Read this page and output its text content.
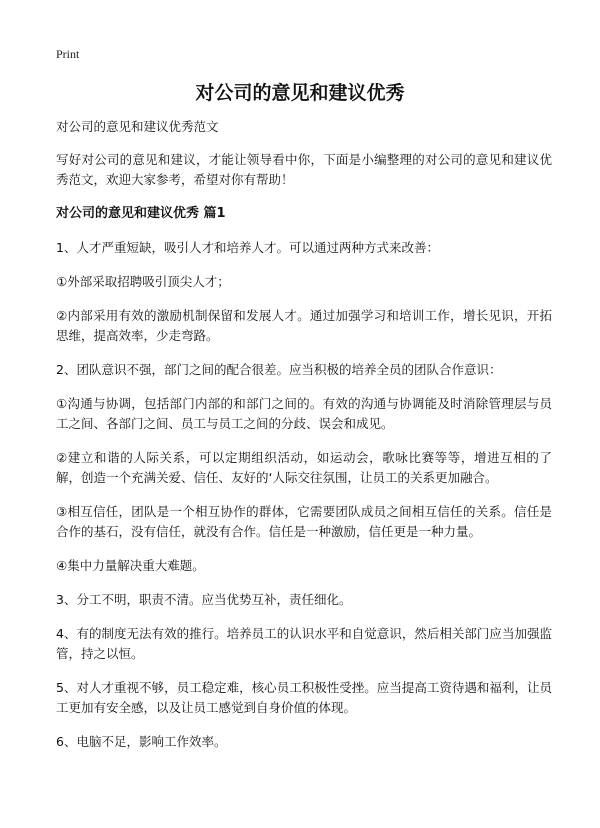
Print
对公司的意见和建议优秀
对公司的意见和建议优秀范文

写好对公司的意见和建议，才能让领导看中你，下面是小编整理的对公司的意见和建议优秀范文，欢迎大家参考，希望对你有帮助！

对公司的意见和建议优秀 篇1

1、人才严重短缺，吸引人才和培养人才。可以通过两种方式来改善：

①外部采取招聘吸引顶尖人才；

②内部采用有效的激励机制保留和发展人才。通过加强学习和培训工作，增长见识，开拓思维，提高效率，少走弯路。

2、团队意识不强，部门之间的配合很差。应当积极的培养全员的团队合作意识：

①沟通与协调，包括部门内部的和部门之间的。有效的沟通与协调能及时消除管理层与员工之间、各部门之间、员工与员工之间的分歧、误会和成见。

②建立和谐的人际关系，可以定期组织活动，如运动会，歌咏比赛等等，增进互相的了解，创造一个充满关爱、信任、友好的‘人际交往氛围，让员工的关系更加融合。

③相互信任，团队是一个相互协作的群体，它需要团队成员之间相互信任的关系。信任是合作的基石，没有信任，就没有合作。信任是一种激励，信任更是一种力量。

④集中力量解决重大难题。

3、分工不明，职责不清。应当优势互补，责任细化。

4、有的制度无法有效的推行。培养员工的认识水平和自觉意识，然后相关部门应当加强监管，持之以恒。

5、对人才重视不够，员工稳定难，核心员工积极性受挫。应当提高工资待遇和福利，让员工更加有安全感，以及让员工感觉到自身价值的体现。

6、电脑不足，影响工作效率。
